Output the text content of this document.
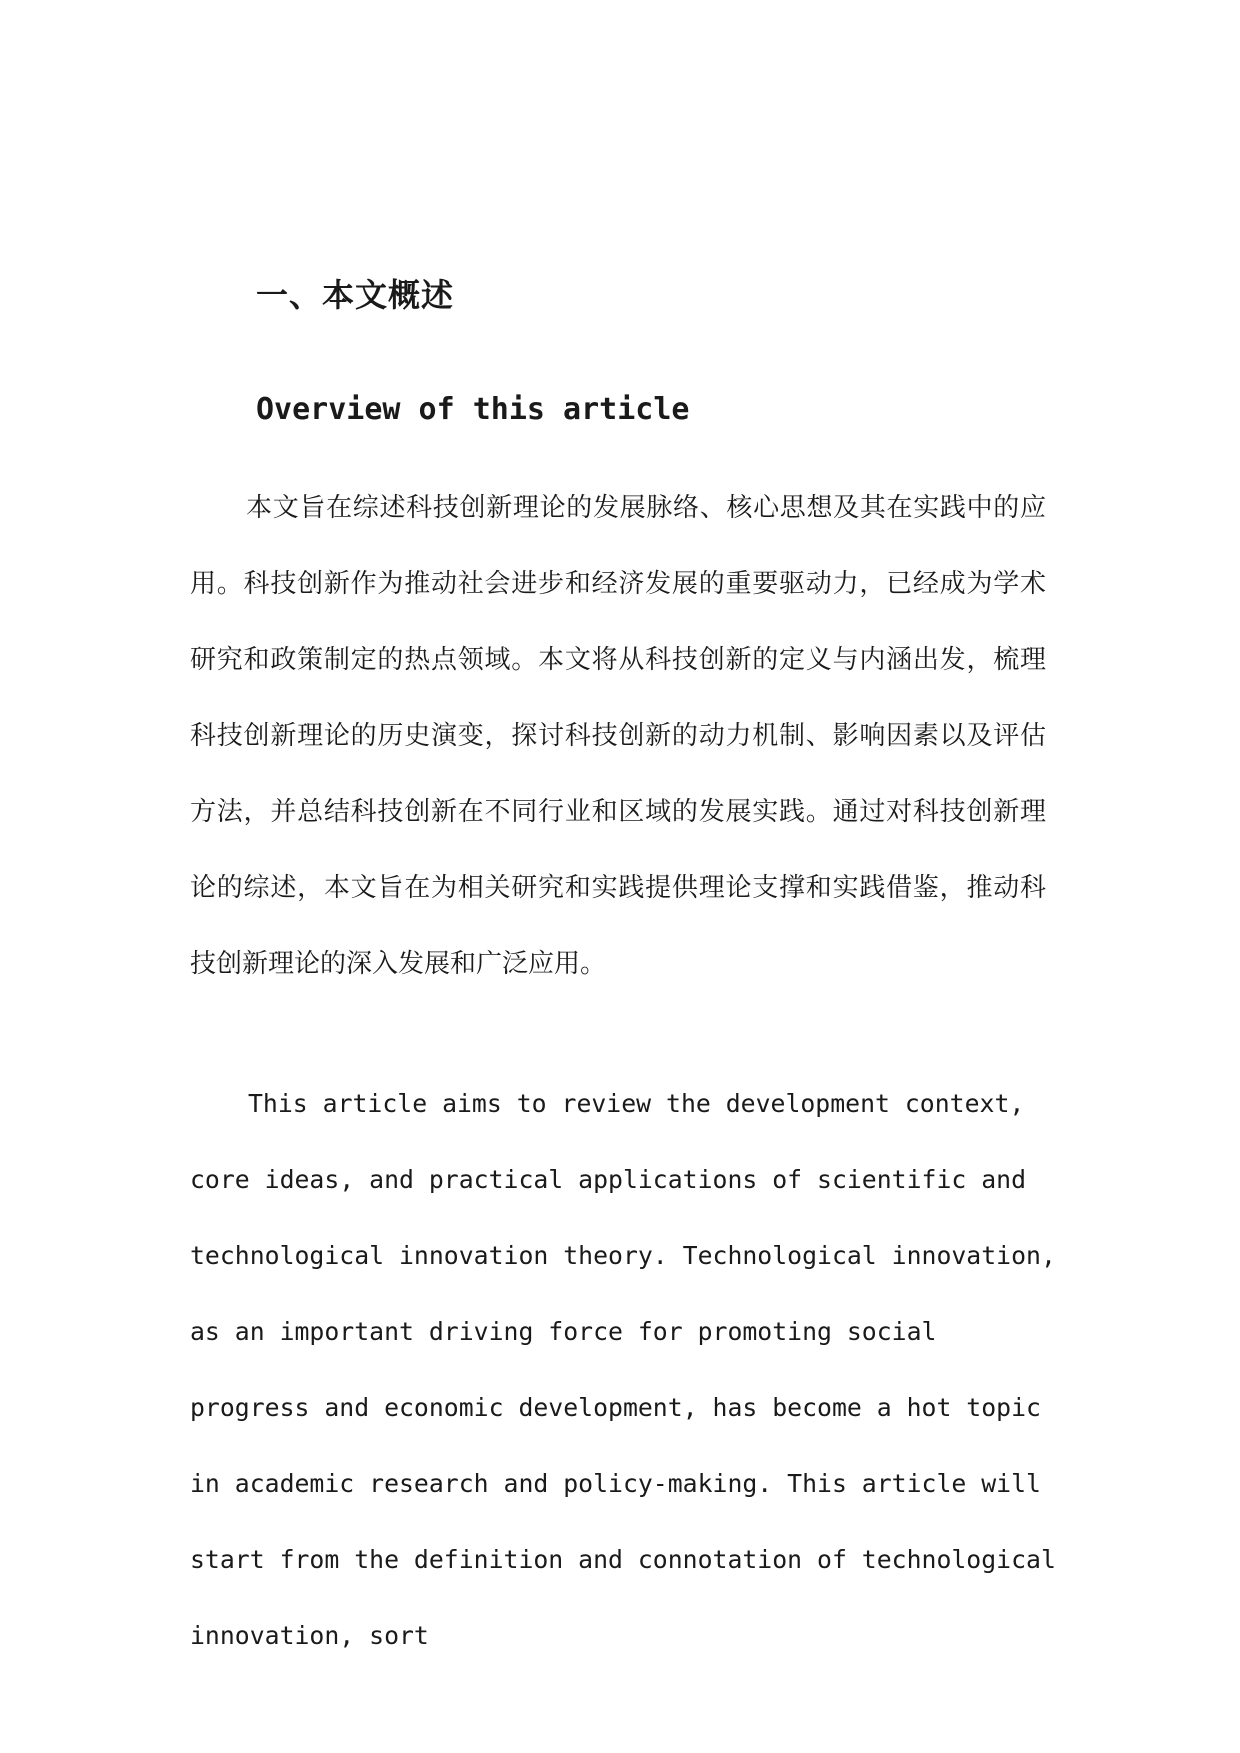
一、本文概述
Overview of this article

本文旨在综述科技创新理论的发展脉络、核心思想及其在实践中的应用。科技创新作为推动社会进步和经济发展的重要驱动力，已经成为学术研究和政策制定的热点领域。本文将从科技创新的定义与内涵出发，梳理科技创新理论的历史演变，探讨科技创新的动力机制、影响因素以及评估方法，并总结科技创新在不同行业和区域的发展实践。通过对科技创新理论的综述，本文旨在为相关研究和实践提供理论支撑和实践借鉴，推动科技创新理论的深入发展和广泛应用。

This article aims to review the development context, core ideas, and practical applications of scientific and technological innovation theory. Technological innovation, as an important driving force for promoting social progress and economic development, has become a hot topic in academic research and policy-making. This article will start from the definition and connotation of technological innovation, sort
